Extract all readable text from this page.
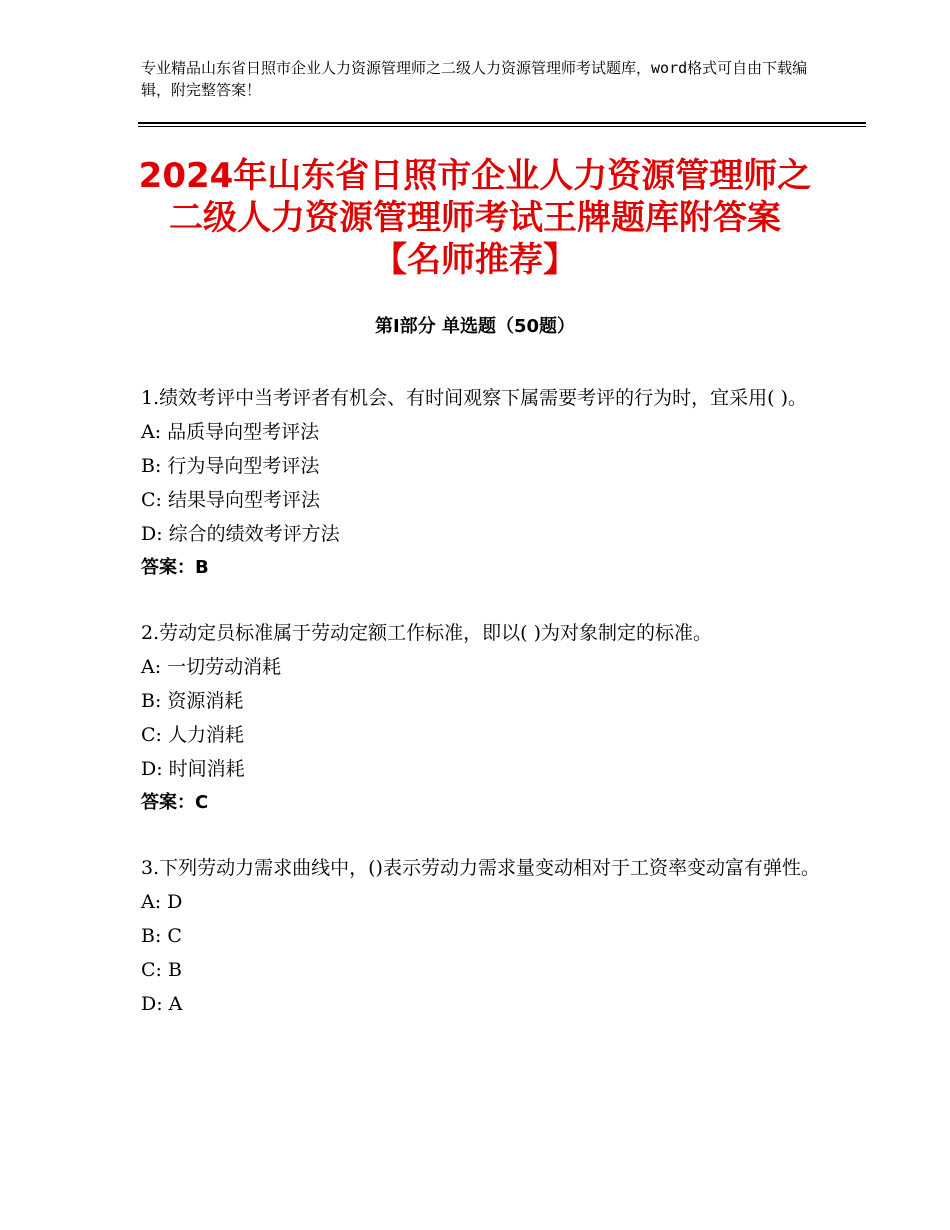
专业精品山东省日照市企业人力资源管理师之二级人力资源管理师考试题库，word格式可自由下载编辑，附完整答案！
2024年山东省日照市企业人力资源管理师之
二级人力资源管理师考试王牌题库附答案
【名师推荐】
第Ⅰ部分 单选题（50题）

1.绩效考评中当考评者有机会、有时间观察下属需要考评的行为时，宜采用( )。

A: 品质导向型考评法

B: 行为导向型考评法

C: 结果导向型考评法

D: 综合的绩效考评方法

答案：B

2.劳动定员标准属于劳动定额工作标准，即以( )为对象制定的标准。

A: 一切劳动消耗

B: 资源消耗

C: 人力消耗

D: 时间消耗

答案：C

3.下列劳动力需求曲线中，()表示劳动力需求量变动相对于工资率变动富有弹性。

A: D

B: C

C: B

D: A
